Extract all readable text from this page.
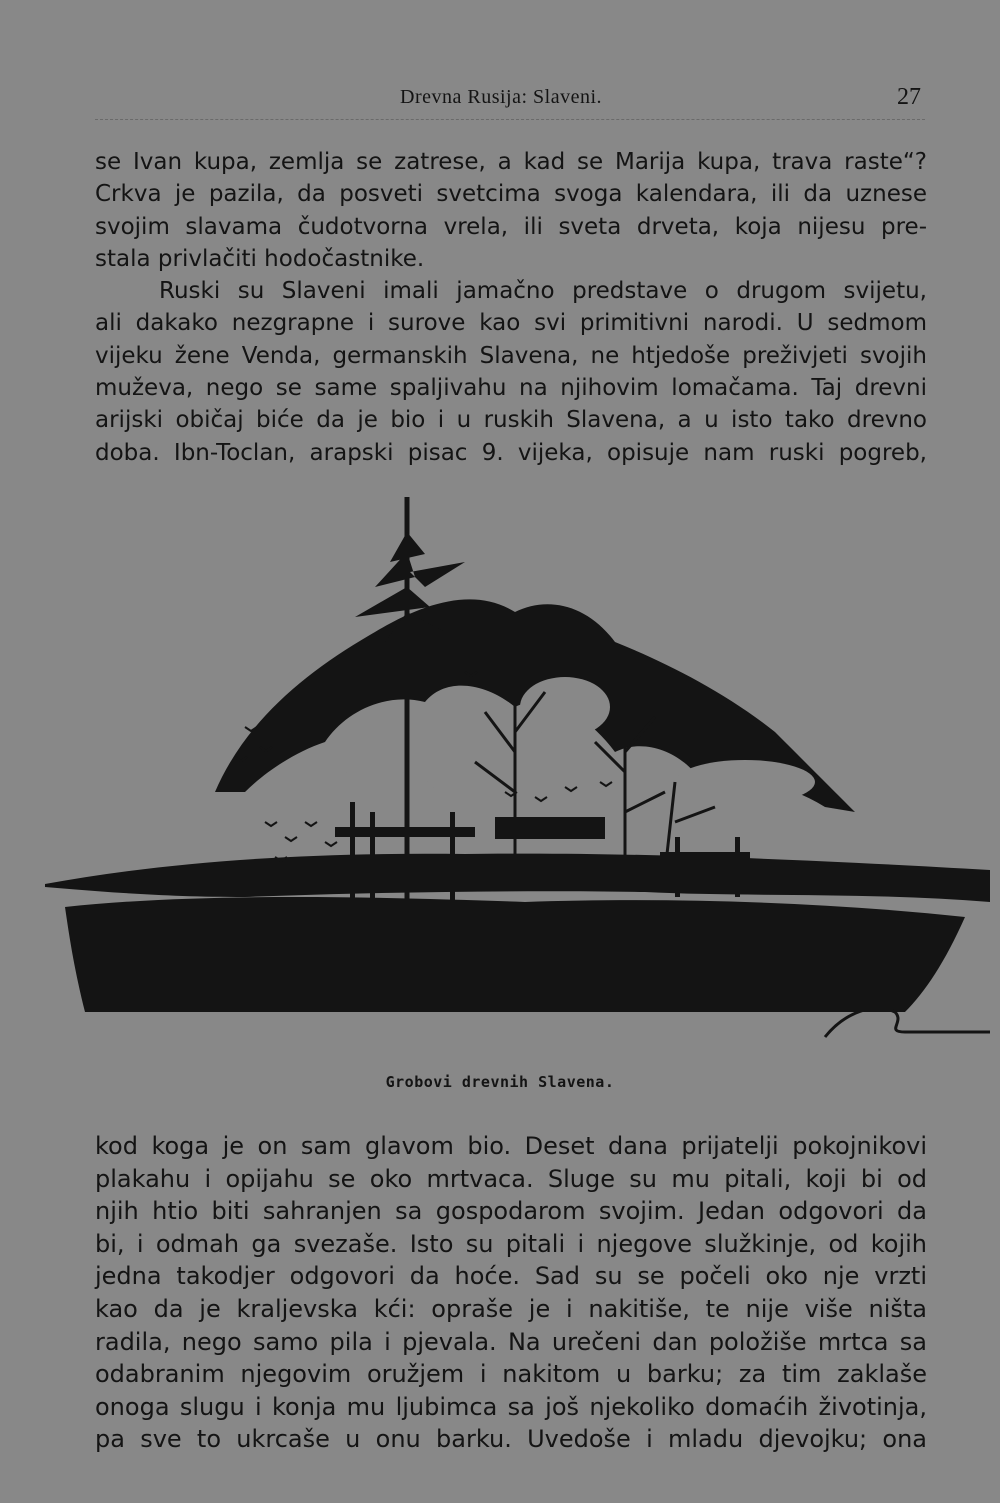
Drevna Rusija: Slaveni.	27
se Ivan kupa, zemlja se zatrese, a kad se Marija kupa, trava raste“?
Crkva je pazila, da posveti svetcima svoga kalendara, ili da uznese
svojim slavama čudotvorna vrela, ili sveta drveta, koja nijesu pre-
stala privlačiti hodočastnike.
Ruski su Slaveni imali jamačno predstave o drugom svijetu,
ali dakako nezgrapne i surove kao svi primitivni narodi. U sedmom
vijeku žene Venda, germanskih Slavena, ne htjedoše preživjeti svojih
muževa, nego se same spaljivahu na njihovim lomačama. Taj drevni
arijski običaj biće da je bio i u ruskih Slavena, a u isto tako drevno
doba. Ibn-Toclan, arapski pisac 9. vijeka, opisuje nam ruski pogreb,
Grobovi drevnih Slavena.
kod koga je on sam glavom bio. Deset dana prijatelji pokojnikovi
plakahu i opijahu se oko mrtvaca. Sluge su mu pitali, koji bi od
njih htio biti sahranjen sa gospodarom svojim. Jedan odgovori da
bi, i odmah ga svezaše. Isto su pitali i njegove služkinje, od kojih
jedna takodjer odgovori da hoće. Sad su se počeli oko nje vrzti
kao da je kraljevska kći: opraše je i nakitiše, te nije više ništa
radila, nego samo pila i pjevala. Na urečeni dan položiše mrtca sa
odabranim njegovim oružjem i nakitom u barku; za tim zaklaše
onoga slugu i konja mu ljubimca sa još njekoliko domaćih životinja,
pa sve to ukrcaše u onu barku. Uvedoše i mladu djevojku; ona
